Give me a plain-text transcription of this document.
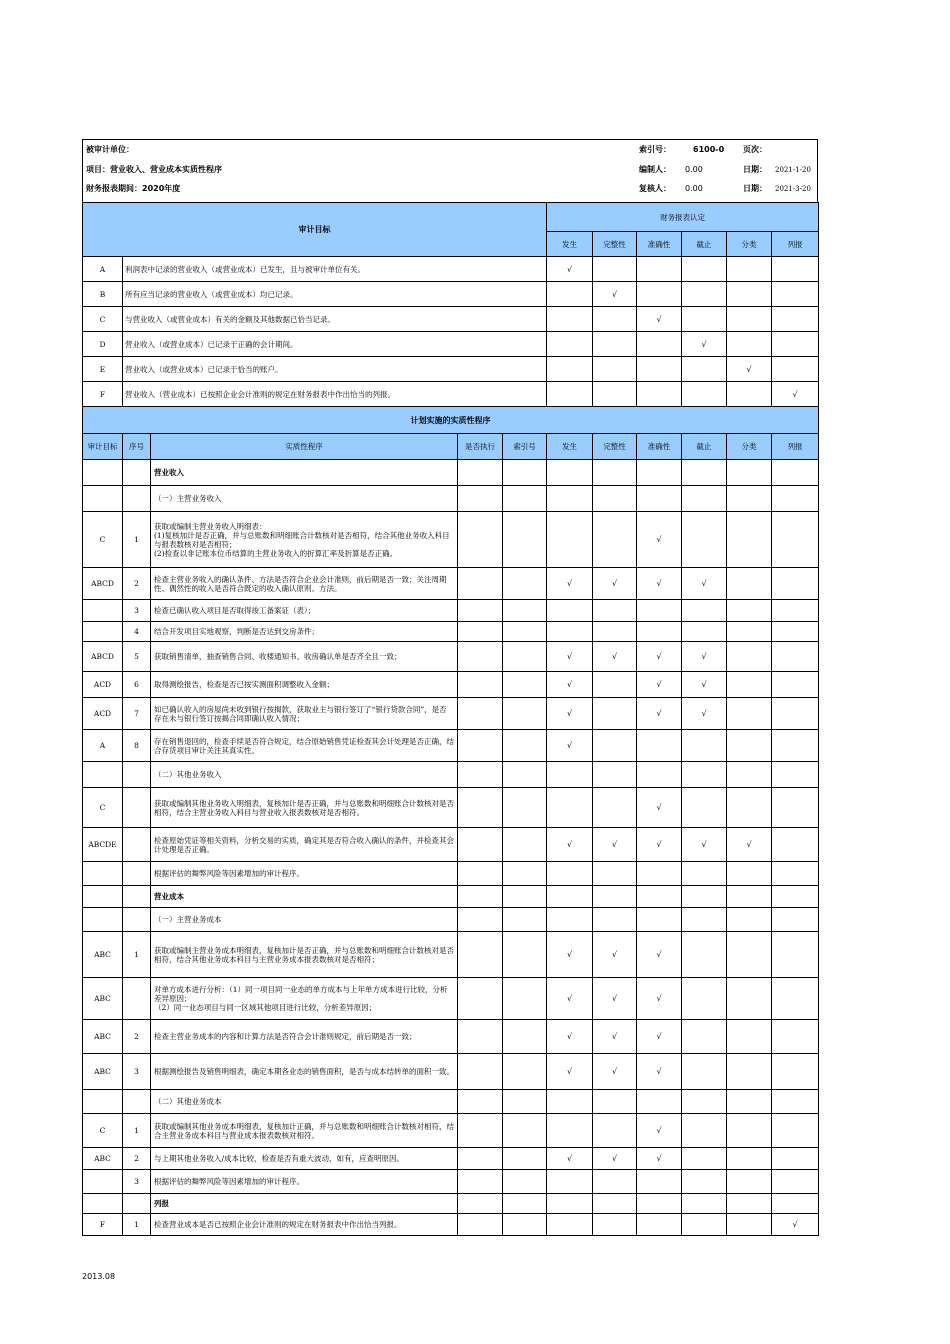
被审计单位：
项目：营业收入、营业成本实质性程序
财务报表期间：2020年度
索引号：	6100-0 页次：
编制人： 0.00	日期： 2021-1-20
复核人： 0.00	日期： 2021-3-20
审计目标					财务报表认定					
					发生	完整性	准确性	截止	分类	列报
A	利润表中记录的营业收入（或营业成本）已发生，且与被审计单位有关。				√					
B	所有应当记录的营业收入（或营业成本）均已记录。					√				
C	与营业收入（或营业成本）有关的金额及其他数据已恰当记录。						√			
D	营业收入（或营业成本）已记录于正确的会计期间。							√		
E	营业收入（或营业成本）已记录于恰当的账户。								√	
F	营业收入（营业成本）已按照企业会计准则的规定在财务报表中作出恰当的列报。									√
计划实施的实质性程序										
审计目标	序号	实质性程序	是否执行	索引号	发生	完整性	准确性	截止	分类	列报
		营业收入								
		（一）主营业务收入								
C	1	获取或编制主营业务收入明细表：
(1)复核加计是否正确，并与总账数和明细账合计数核对是否相符，结合其他业务收入科目与报表数核对是否相符；
(2)检查以非记账本位币结算的主营业务收入的折算汇率及折算是否正确。					√			
ABCD	2	检查主营业务收入的确认条件、方法是否符合企业会计准则，前后期是否一致；关注周期性、偶然性的收入是否符合既定的收入确认原则、方法。			√	√	√	√		
	3	检查已确认收入项目是否取得竣工备案证（表）；								
	4	结合开发项目实地观察，判断是否达到交房条件；								
ABCD	5	获取销售清单，抽查销售合同、收楼通知书、收房确认单是否齐全且一致；			√	√	√	√		
ACD	6	取得测绘报告，检查是否已按实测面积调整收入金额；			√		√	√		
ACD	7	如已确认收入的房屋尚未收到银行按揭款，获取业主与银行签订了“银行贷款合同”，是否存在未与银行签订按揭合同即确认收入情况；			√		√	√		
A	8	存在销售退回的，检查手续是否符合规定，结合原始销售凭证检查其会计处理是否正确，结合存货项目审计关注其真实性。			√					
		（二）其他业务收入								
C		获取或编制其他业务收入明细表，复核加计是否正确，并与总账数和明细账合计数核对是否相符，结合主营业务收入科目与营业收入报表数核对是否相符。					√			
ABCDE		检查原始凭证等相关资料，分析交易的实质，确定其是否符合收入确认的条件，并检查其会计处理是否正确。			√	√	√	√	√	
		根据评估的舞弊风险等因素增加的审计程序。								
		营业成本								
		（一）主营业务成本								
ABC	1	获取或编制主营业务成本明细表，复核加计是否正确，并与总账数和明细账合计数核对是否相符，结合其他业务成本科目与主营业务成本报表数核对是否相符；			√	√	√			
ABC		对单方成本进行分析：（1）同一项目同一业态的单方成本与上年单方成本进行比较，分析差异原因；
（2）同一业态项目与同一区域其他项目进行比较，分析差异原因；			√	√	√			
ABC	2	检查主营业务成本的内容和计算方法是否符合会计准则规定，前后期是否一致；			√	√	√			
ABC	3	根据测绘报告及销售明细表，确定本期各业态的销售面积，是否与成本结转单的面积一致。			√	√	√			
		（二）其他业务成本								
C	1	获取或编制其他业务成本明细表，复核加计正确，并与总账数和明细账合计数核对相符，结合主营业务成本科目与营业成本报表数核对相符。					√			
ABC	2	与上期其他业务收入/成本比较，检查是否有重大波动，如有，应查明原因。			√	√	√			
	3	根据评估的舞弊风险等因素增加的审计程序。								
		列报								
F	1	检查营业成本是否已按照企业会计准则的规定在财务报表中作出恰当列报。								√
2013.08
